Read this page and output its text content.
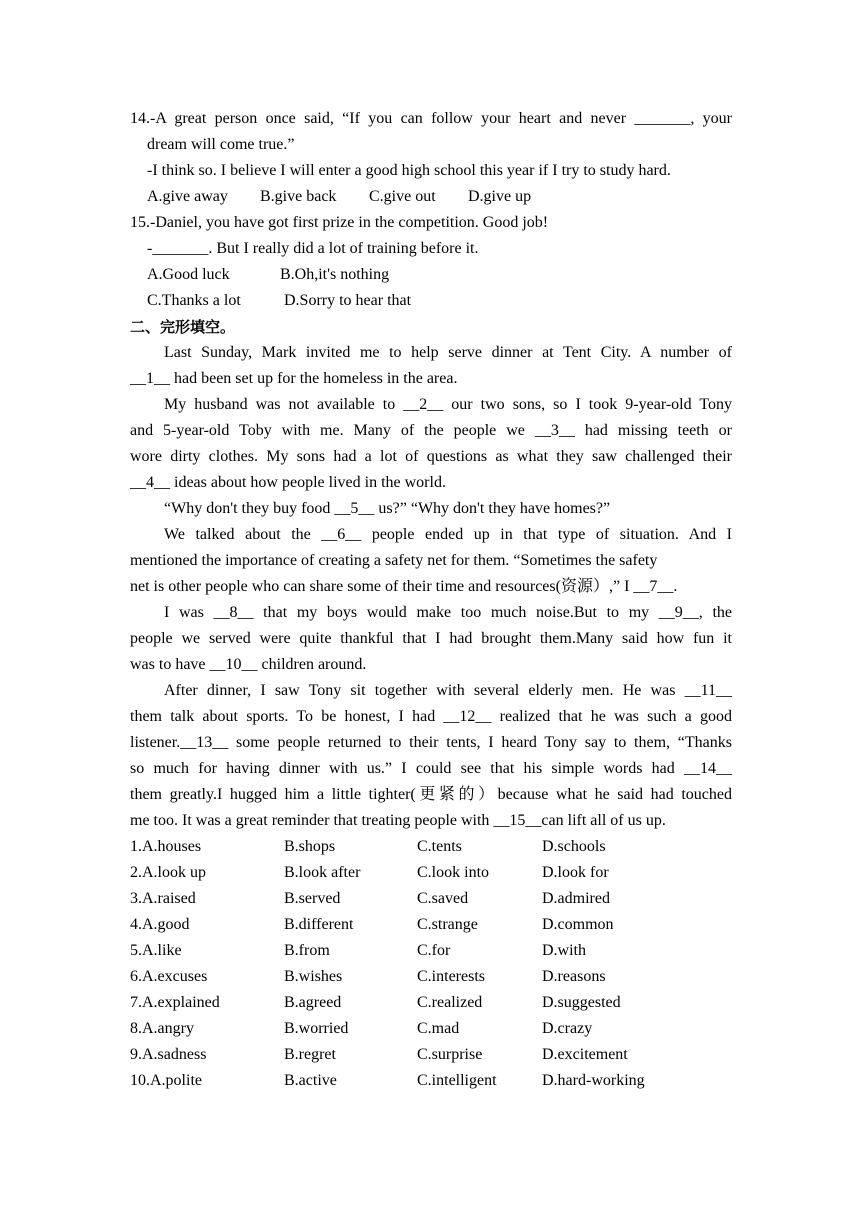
14.-A great person once said, “If you can follow your heart and never _______, your
dream will come true.”
-I think so. I believe I will enter a good high school this year if I try to study hard.
A.give away B.give back C.give out D.give up
15.-Daniel, you have got first prize in the competition. Good job!
-_______. But I really did a lot of training before it.
A.Good luck	B.Oh,it's nothing
C.Thanks a lot	D.Sorry to hear that
二、完形填空。
Last Sunday, Mark invited me to help serve dinner at Tent City. A number of
__1__ had been set up for the homeless in the area.
My husband was not available to __2__ our two sons, so I took 9-year-old Tony
and 5-year-old Toby with me. Many of the people we __3__ had missing teeth or
wore dirty clothes. My sons had a lot of questions as what they saw challenged their
__4__ ideas about how people lived in the world.
“Why don't they buy food __5__ us?” “Why don't they have homes?”
We talked about the __6__ people ended up in that type of situation. And I
mentioned the importance of creating a safety net for them. “Sometimes the safety
net is other people who can share some of their time and resources(资源）,” I __7__.
I was __8__ that my boys would make too much noise.But to my __9__, the
people we served were quite thankful that I had brought them.Many said how fun it
was to have __10__ children around.
After dinner, I saw Tony sit together with several elderly men. He was __11__
them talk about sports. To be honest, I had __12__ realized that he was such a good
listener.__13__ some people returned to their tents, I heard Tony say to them, “Thanks
so much for having dinner with us.” I could see that his simple words had __14__
them greatly.I hugged him a little tighter(更紧的）because what he said had touched
me too. It was a great reminder that treating people with __15__can lift all of us up.
1.A.houses	B.shops	C.tents	D.schools
2.A.look up	B.look after	C.look into	D.look for
3.A.raised	B.served	C.saved	D.admired
4.A.good	B.different	C.strange	D.common
5.A.like	B.from	C.for	D.with
6.A.excuses	B.wishes	C.interests	D.reasons
7.A.explained	B.agreed	C.realized	D.suggested
8.A.angry	B.worried	C.mad	D.crazy
9.A.sadness	B.regret	C.surprise	D.excitement
10.A.polite	B.active	C.intelligent	D.hard-working
